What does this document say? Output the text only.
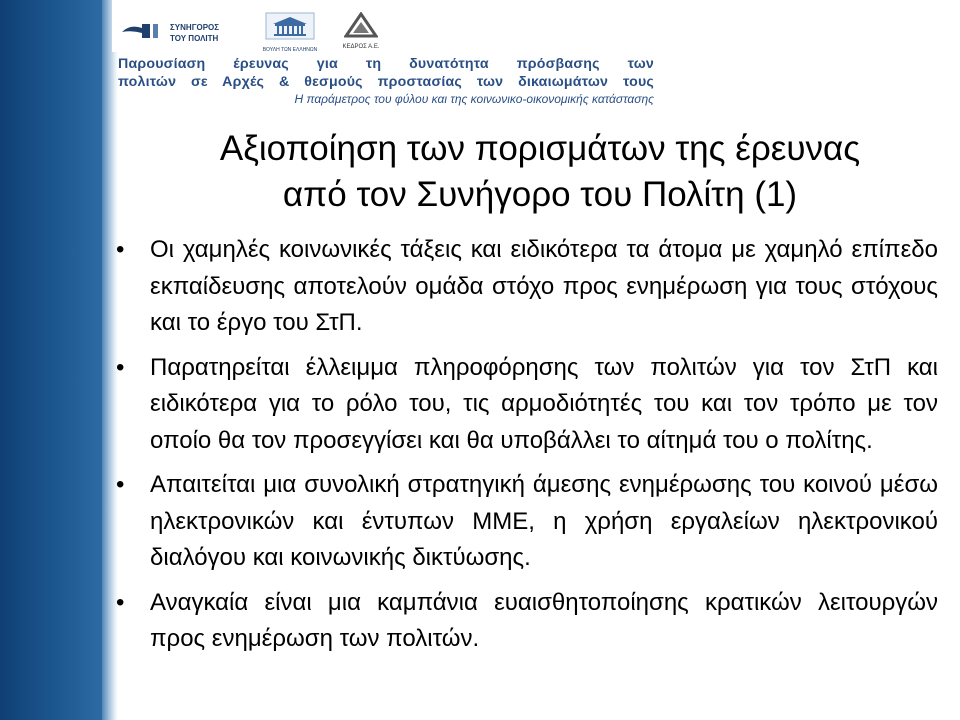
ΣΥΝΗΓΟΡΟΣ
ΤΟΥ ΠΟΛΙΤΗ
ΒΟΥΛΗ ΤΩΝ ΕΛΛΗΝΩΝ	ΚΕΔΡΟΣ Α.Ε.
Παρουσίαση έρευνας για τη δυνατότητα πρόσβασης των
πολιτών σε Αρχές & θεσμούς προστασίας των δικαιωμάτων τους
Η παράμετρος του φύλου και της κοινωνικο-οικονομικής κατάστασης
Αξιοποίηση των πορισμάτων της έρευνας
από τον Συνήγορο του Πολίτη (1)
• Οι χαμηλές κοινωνικές τάξεις και ειδικότερα τα άτομα με χαμηλό επίπεδο εκπαίδευσης αποτελούν ομάδα στόχο προς ενημέρωση για τους στόχους και το έργο του ΣτΠ.
• Παρατηρείται έλλειμμα πληροφόρησης των πολιτών για τον ΣτΠ και ειδικότερα για το ρόλο του, τις αρμοδιότητές του και τον τρόπο με τον οποίο θα τον προσεγγίσει και θα υποβάλλει το αίτημά του ο πολίτης.
• Απαιτείται μια συνολική στρατηγική άμεσης ενημέρωσης του κοινού μέσω ηλεκτρονικών και έντυπων ΜΜΕ, η χρήση εργαλείων ηλεκτρονικού διαλόγου και κοινωνικής δικτύωσης.
• Αναγκαία είναι μια καμπάνια ευαισθητοποίησης κρατικών λειτουργών προς ενημέρωση των πολιτών.
